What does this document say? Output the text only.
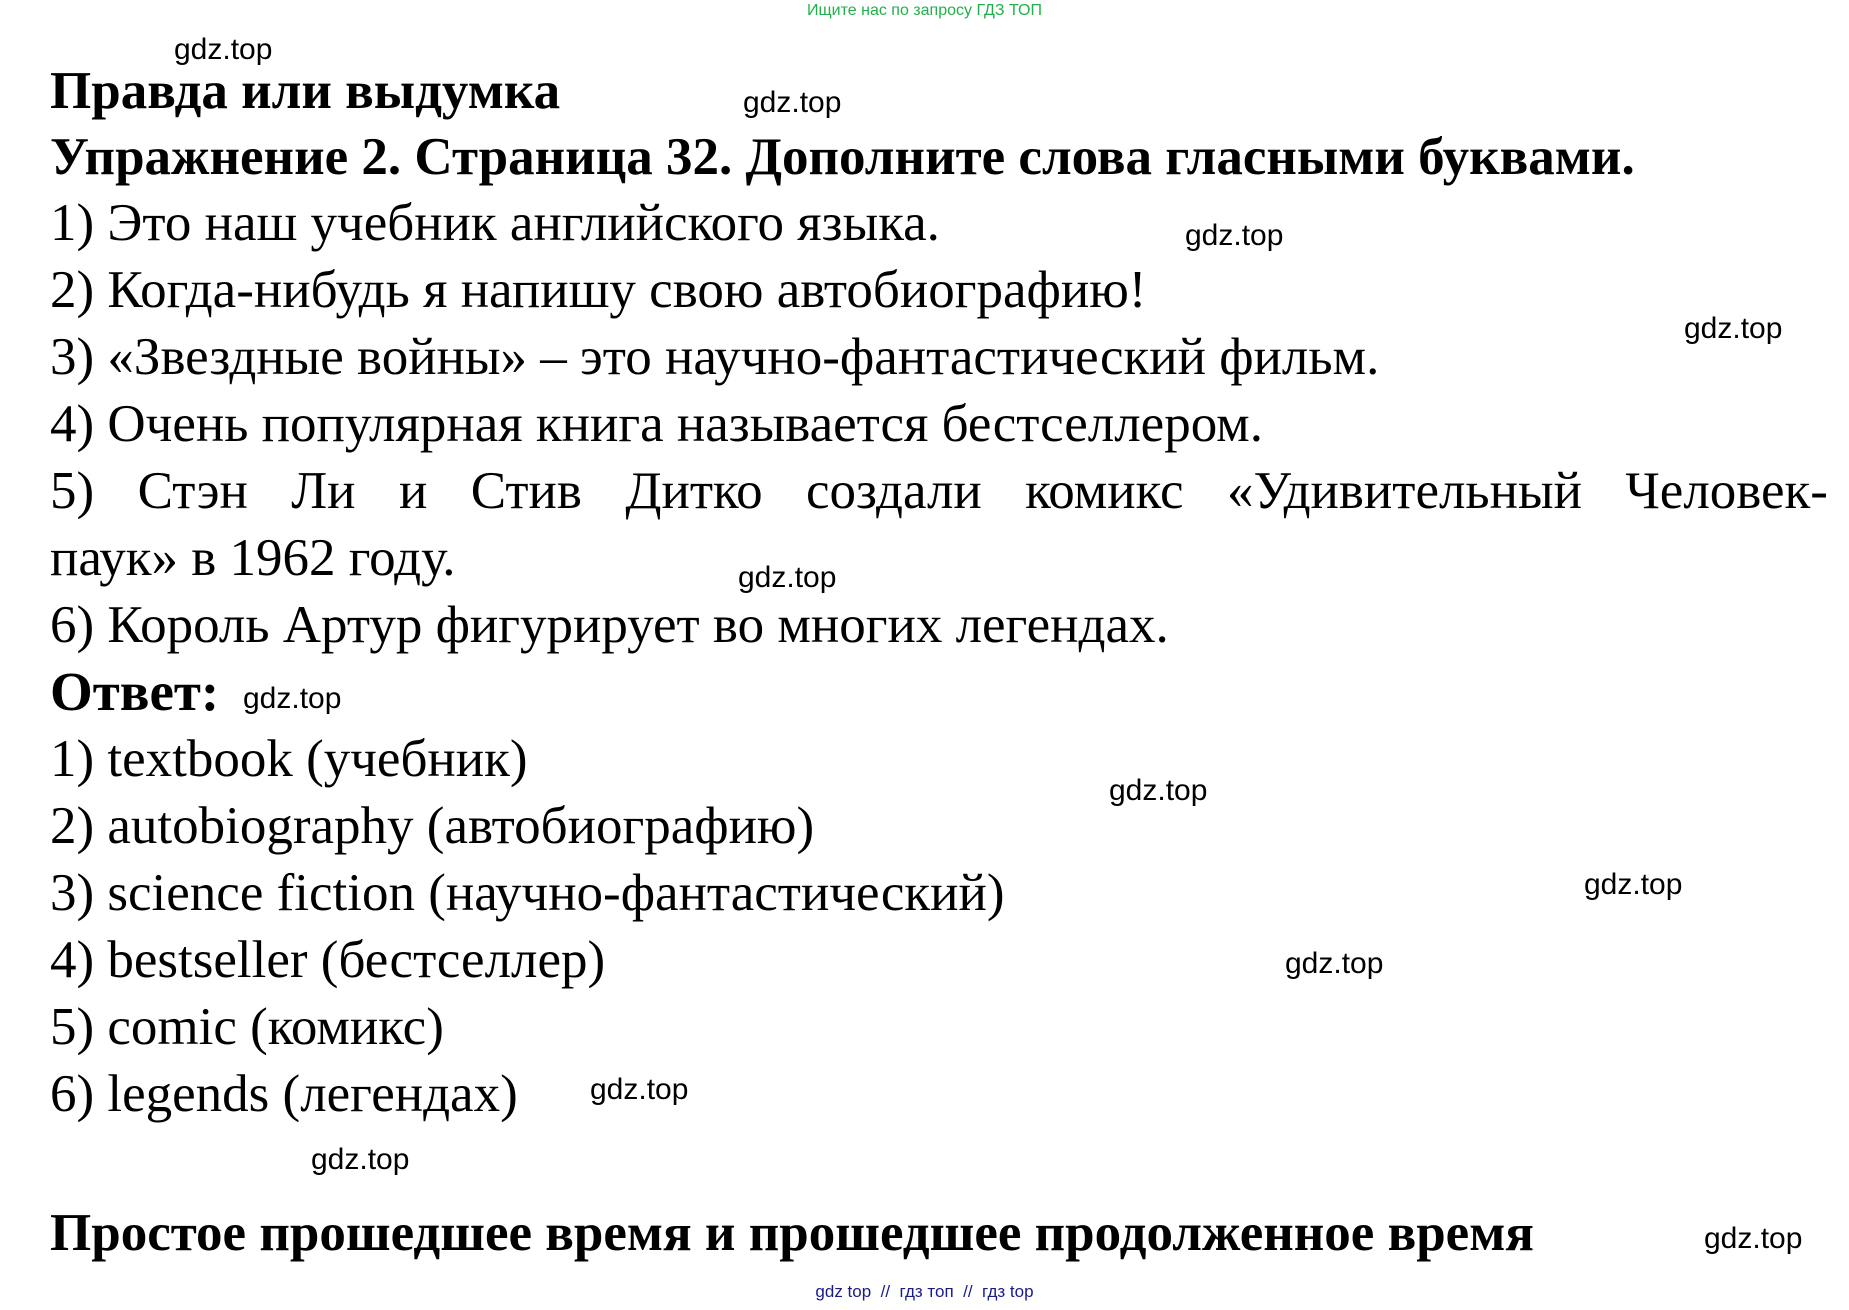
Ищите нас по запросу ГДЗ ТОП
Правда или выдумка
Упражнение 2. Страница 32. Дополните слова гласными буквами.
1) Это наш учебник английского языка.
2) Когда-нибудь я напишу свою автобиографию!
3) «Звездные войны» – это научно-фантастический фильм.
4) Очень популярная книга называется бестселлером.
5) Стэн Ли и Стив Дитко создали комикс «Удивительный Человек-
паук» в 1962 году.
6) Король Артур фигурирует во многих легендах.
Ответ:
1) textbook (учебник)
2) autobiography (автобиографию)
3) science fiction (научно-фантастический)
4) bestseller (бестселлер)
5) comic (комикс)
6) legends (легендах)
Простое прошедшее время и прошедшее продолженное время
gdz.top
gdz.top
gdz.top
gdz.top
gdz.top
gdz.top
gdz.top
gdz.top
gdz.top
gdz.top
gdz.top
gdz.top
gdz top // гдз топ // гдз top
